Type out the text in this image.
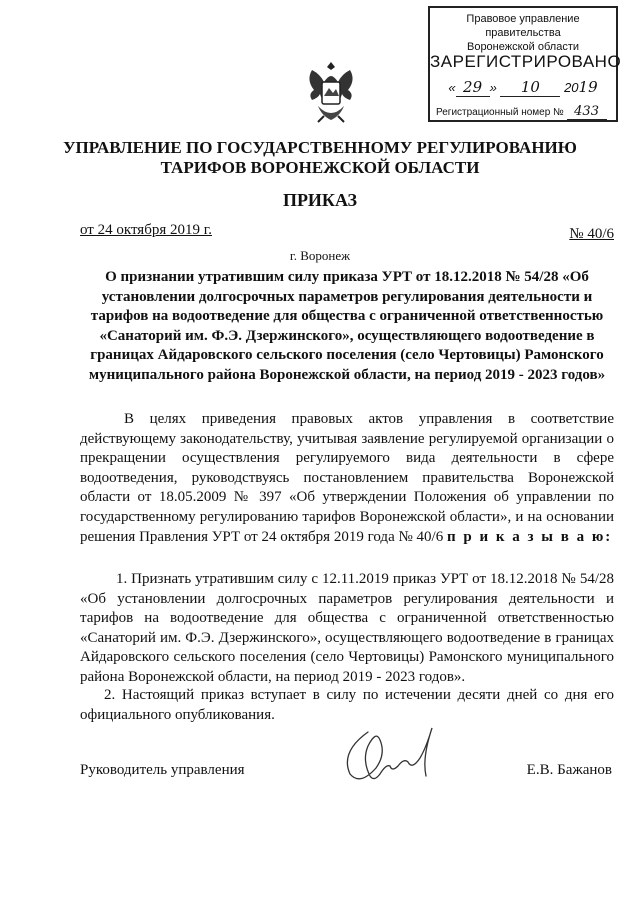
Правовое управление правительства
Воронежской области
ЗАРЕГИСТРИРОВАНО
« 29 » 10 2019
Регистрационный номер № 433
УПРАВЛЕНИЕ ПО ГОСУДАРСТВЕННОМУ РЕГУЛИРОВАНИЮ
ТАРИФОВ ВОРОНЕЖСКОЙ ОБЛАСТИ
ПРИКАЗ
от 24 октября 2019 г.	№ 40/6
г. Воронеж
О признании утратившим силу приказа УРТ от 18.12.2018 № 54/28 «Об установлении долгосрочных параметров регулирования деятельности и тарифов на водоотведение для общества с ограниченной ответственностью «Санаторий им. Ф.Э. Дзержинского», осуществляющего водоотведение в границах Айдаровского сельского поселения (село Чертовицы) Рамонского муниципального района Воронежской области, на период 2019 - 2023 годов»
В целях приведения правовых актов управления в соответствие действующему законодательству, учитывая заявление регулируемой организации о прекращении осуществления регулируемого вида деятельности в сфере водоотведения, руководствуясь постановлением правительства Воронежской области от 18.05.2009 № 397 «Об утверждении Положения об управлении по государственному регулированию тарифов Воронежской области», и на основании решения Правления УРТ от 24 октября 2019 года № 40/6 п р и к а з ы в а ю:
1. Признать утратившим силу с 12.11.2019 приказ УРТ от 18.12.2018 № 54/28 «Об установлении долгосрочных параметров регулирования деятельности и тарифов на водоотведение для общества с ограниченной ответственностью «Санаторий им. Ф.Э. Дзержинского», осуществляющего водоотведение в границах Айдаровского сельского поселения (село Чертовицы) Рамонского муниципального района Воронежской области, на период 2019 - 2023 годов».
2. Настоящий приказ вступает в силу по истечении десяти дней со дня его официального опубликования.
Руководитель управления	Е.В. Бажанов
